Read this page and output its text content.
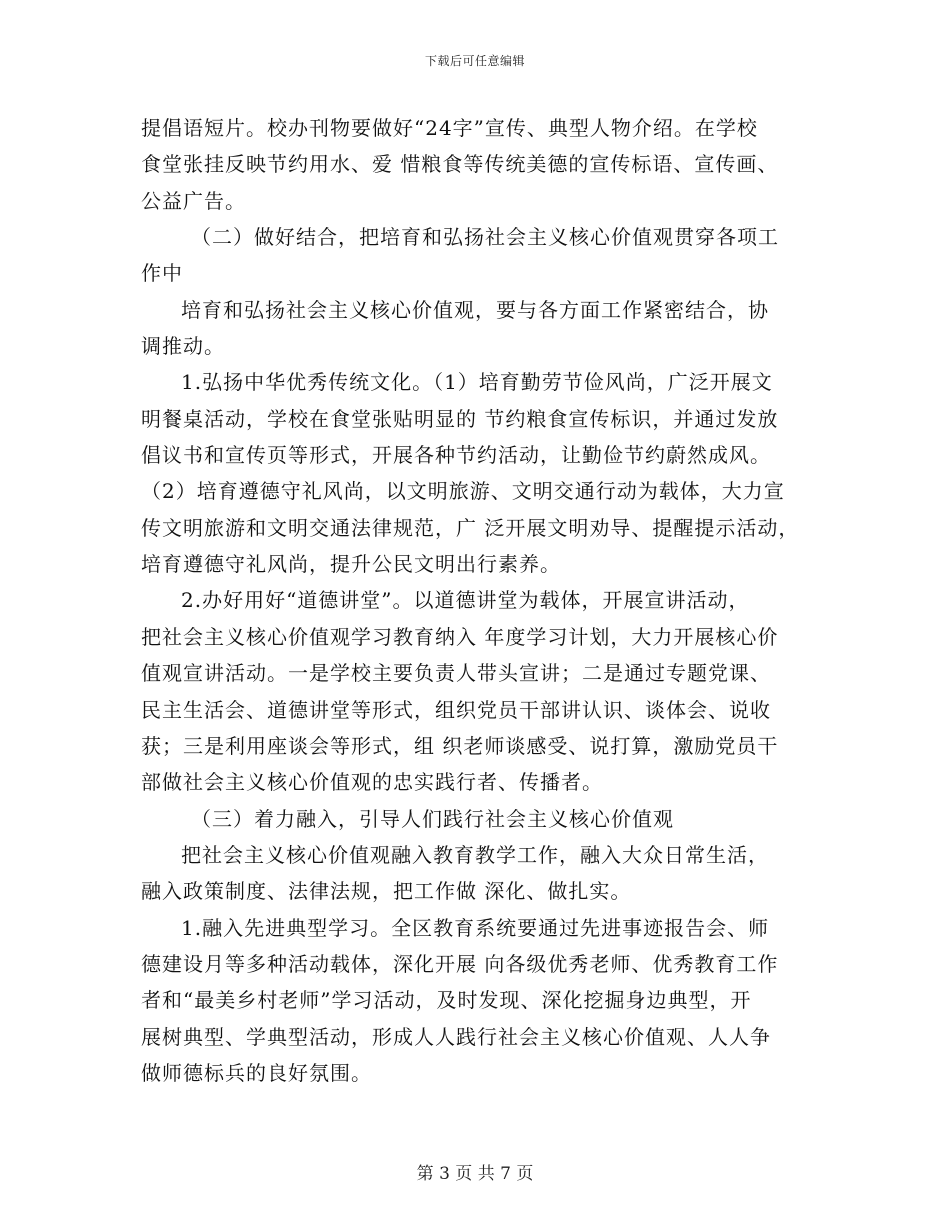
下载后可任意编辑
提倡语短片。校办刊物要做好“24字”宣传、典型人物介绍。在学校
食堂张挂反映节约用水、爱 惜粮食等传统美德的宣传标语、宣传画、
公益广告。
（二）做好结合，把培育和弘扬社会主义核心价值观贯穿各项工
作中
培育和弘扬社会主义核心价值观，要与各方面工作紧密结合，协
调推动。
1.弘扬中华优秀传统文化。（1）培育勤劳节俭风尚，广泛开展文
明餐桌活动，学校在食堂张贴明显的 节约粮食宣传标识，并通过发放
倡议书和宣传页等形式，开展各种节约活动，让勤俭节约蔚然成风。
（2）培育遵德守礼风尚，以文明旅游、文明交通行动为载体，大力宣
传文明旅游和文明交通法律规范，广 泛开展文明劝导、提醒提示活动，
培育遵德守礼风尚，提升公民文明出行素养。
2.办好用好“道德讲堂”。以道德讲堂为载体，开展宣讲活动，
把社会主义核心价值观学习教育纳入 年度学习计划，大力开展核心价
值观宣讲活动。一是学校主要负责人带头宣讲；二是通过专题党课、
民主生活会、道德讲堂等形式，组织党员干部讲认识、谈体会、说收
获；三是利用座谈会等形式，组 织老师谈感受、说打算，激励党员干
部做社会主义核心价值观的忠实践行者、传播者。
（三）着力融入，引导人们践行社会主义核心价值观
把社会主义核心价值观融入教育教学工作，融入大众日常生活，
融入政策制度、法律法规，把工作做 深化、做扎实。
1.融入先进典型学习。全区教育系统要通过先进事迹报告会、师
德建设月等多种活动载体，深化开展 向各级优秀老师、优秀教育工作
者和“最美乡村老师”学习活动，及时发现、深化挖掘身边典型，开
展树典型、学典型活动，形成人人践行社会主义核心价值观、人人争
做师德标兵的良好氛围。
第 3 页 共 7 页
